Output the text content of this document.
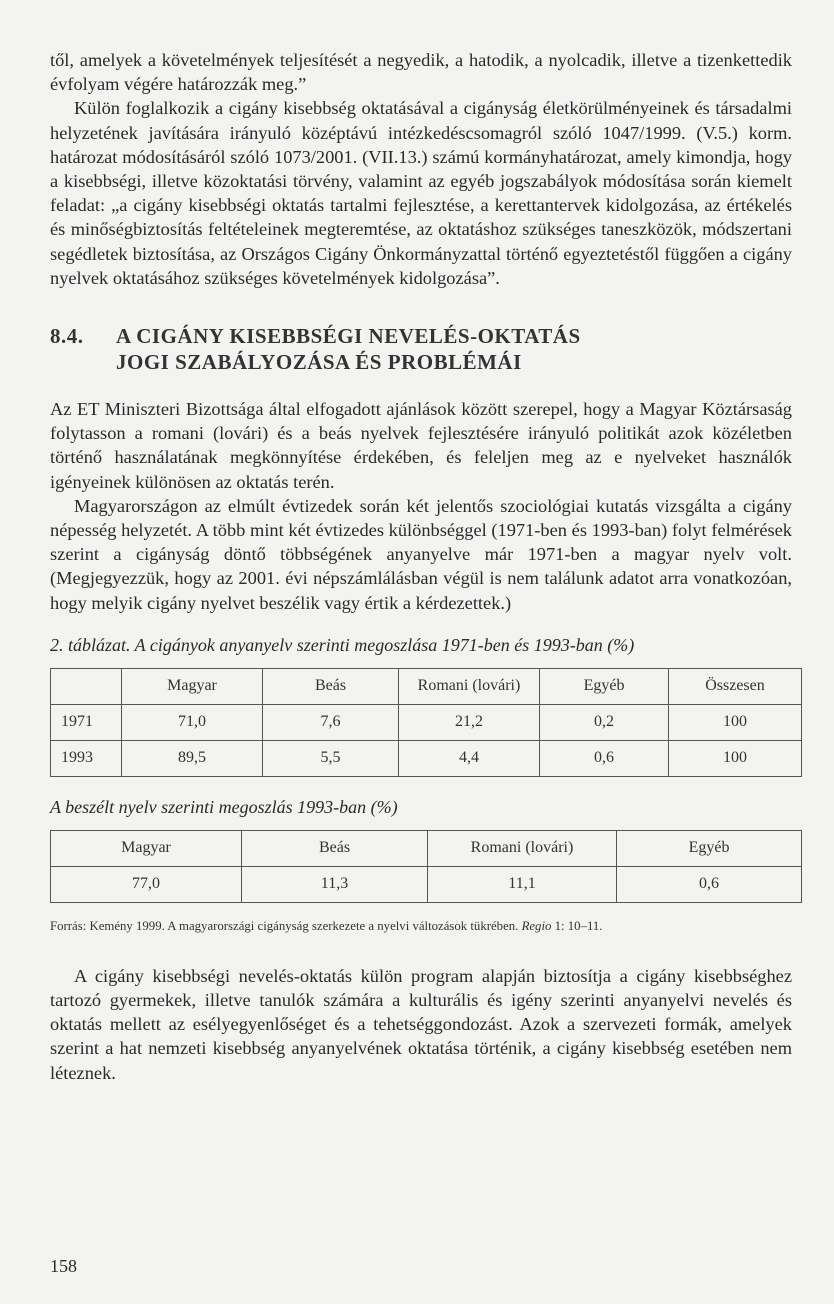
től, amelyek a követelmények teljesítését a negyedik, a hatodik, a nyolcadik, illetve a tizenkettedik évfolyam végére határozzák meg.”

Külön foglalkozik a cigány kisebbség oktatásával a cigányság életkörülményeinek és társadalmi helyzetének javítására irányuló középtávú intézkedéscsomagról szóló 1047/1999. (V.5.) korm. határozat módosításáról szóló 1073/2001. (VII.13.) számú kormányhatározat, amely kimondja, hogy a kisebbségi, illetve közoktatási törvény, valamint az egyéb jogszabályok módosítása során kiemelt feladat: „a cigány kisebbségi oktatás tartalmi fejlesztése, a kerettantervek kidolgozása, az értékelés és minőségbiztosítás feltételeinek megteremtése, az oktatáshoz szükséges taneszközök, módszertani segédletek biztosítása, az Országos Cigány Önkormányzattal történő egyeztetéstől függően a cigány nyelvek oktatásához szükséges követelmények kidolgozása”.

8.4.	A CIGÁNY KISEBBSÉGI NEVELÉS-OKTATÁS
JOGI SZABÁLYOZÁSA ÉS PROBLÉMÁI

Az ET Miniszteri Bizottsága által elfogadott ajánlások között szerepel, hogy a Magyar Köztársaság folytasson a romani (lovári) és a beás nyelvek fejlesztésére irányuló politikát azok közéletben történő használatának megkönnyítése érdekében, és feleljen meg az e nyelveket használók igényeinek különösen az oktatás terén.

Magyarországon az elmúlt évtizedek során két jelentős szociológiai kutatás vizsgálta a cigány népesség helyzetét. A több mint két évtizedes különbséggel (1971-ben és 1993-ban) folyt felmérések szerint a cigányság döntő többségének anyanyelve már 1971-ben a magyar nyelv volt. (Megjegyezzük, hogy az 2001. évi népszámlálásban végül is nem találunk adatot arra vonatkozóan, hogy melyik cigány nyelvet beszélik vagy értik a kérdezettek.)

2. táblázat. A cigányok anyanyelv szerinti megoszlása 1971-ben és 1993-ban (%)
	Magyar	Beás	Romani (lovári)	Egyéb	Összesen
1971	71,0	7,6	21,2	0,2	100
1993	89,5	5,5	4,4	0,6	100
A beszélt nyelv szerinti megoszlás 1993-ban (%)
Magyar	Beás	Romani (lovári)	Egyéb
77,0	11,3	11,1	0,6
Forrás: Kemény 1999. A magyarországi cigányság szerkezete a nyelvi változások tükrében. Regio 1: 10–11.

A cigány kisebbségi nevelés-oktatás külön program alapján biztosítja a cigány kisebbséghez tartozó gyermekek, illetve tanulók számára a kulturális és igény szerinti anyanyelvi nevelés és oktatás mellett az esélyegyenlőséget és a tehetséggondozást. Azok a szervezeti formák, amelyek szerint a hat nemzeti kisebbség anyanyelvének oktatása történik, a cigány kisebbség esetében nem léteznek.

158
